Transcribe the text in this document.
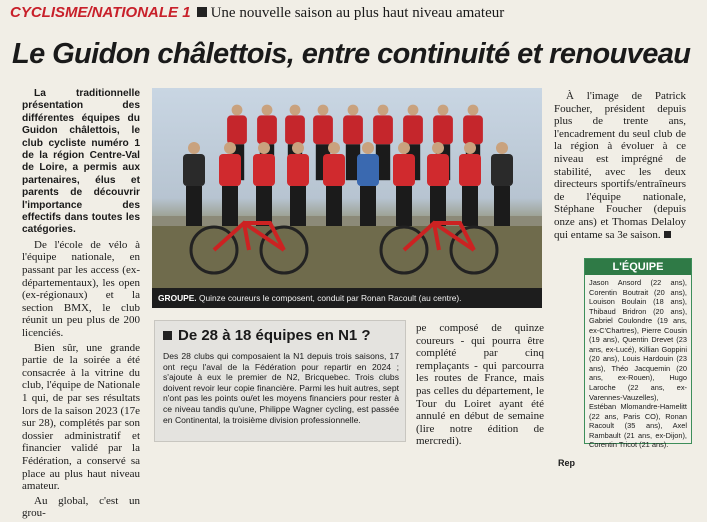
CYCLISME/NATIONALE 1 Une nouvelle saison au plus haut niveau amateur
Le Guidon châlettois, entre continuité et renouveau

La traditionnelle présentation des différentes équipes du Guidon châlettois, le club cycliste numéro 1 de la région Centre-Val de Loire, a permis aux partenaires, élus et parents de découvrir l'importance des effectifs dans toutes les catégories.

De l'école de vélo à l'équipe nationale, en passant par les access (ex-départementaux), les open (ex-régionaux) et la section BMX, le club réunit un peu plus de 200 licenciés.

Bien sûr, une grande partie de la soirée a été consacrée à la vitrine du club, l'équipe de Nationale 1 qui, de par ses résultats lors de la saison 2023 (17e sur 28), complétés par son dossier administratif et financier validé par la Fédération, a conservé sa place au plus haut niveau amateur.

Au global, c'est un grou-

GROUPE. Quinze coureurs le composent, conduit par Ronan Racoult (au centre).
De 28 à 18 équipes en N1 ?
Des 28 clubs qui composaient la N1 depuis trois saisons, 17 ont reçu l'aval de la Fédération pour repartir en 2024 ; s'ajoute à eux le premier de N2, Bricquebec. Trois clubs doivent revoir leur copie financière. Parmi les huit autres, sept n'ont pas les points ou/et les moyens financiers pour rester à ce niveau tandis qu'une, Philippe Wagner cycling, est passée en Continental, la troisième division professionnelle.

pe composé de quinze coureurs - qui pourra être complété par cinq remplaçants - qui parcourra les routes de France, mais pas celles du département, le Tour du Loiret ayant été annulé en début de semaine (lire notre édition de mercredi).

À l'image de Patrick Foucher, président depuis plus de trente ans, l'encadrement du seul club de la région à évoluer à ce niveau est imprégné de stabilité, avec les deux directeurs sportifs/entraîneurs de l'équipe nationale, Stéphane Foucher (depuis onze ans) et Thomas Delaloy qui entame sa 3e saison.

L'ÉQUIPE
Jason Ansord (22 ans), Corentin Boutrait (20 ans), Louison Boulain (18 ans), Thibaud Bridron (20 ans), Gabriel Coulondre (19 ans, ex-C'Chartres), Pierre Cousin (19 ans), Quentin Drevet (23 ans, ex-Lucé), Killian Goppini (20 ans), Louis Hardouin (23 ans), Théo Jacquemin (20 ans, ex-Rouen), Hugo Laroche (22 ans, ex-Varennes-Vauzelles), Estéban Mlomandre-Hamelitt (22 ans, Paris CO), Ronan Racoult (35 ans), Axel Rambault (21 ans, ex-Dijon), Corentin Tricot (21 ans).
Rep
